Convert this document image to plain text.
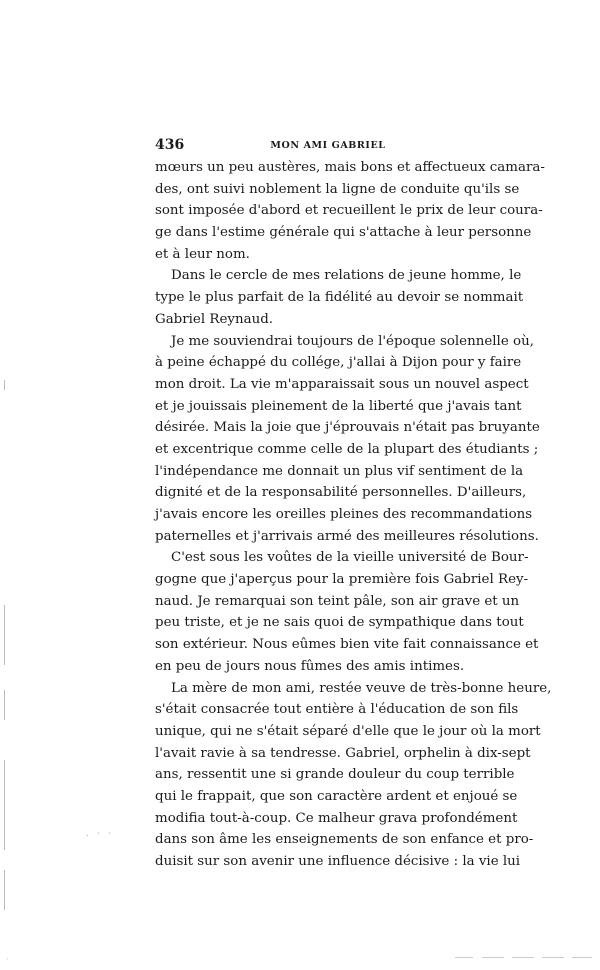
436	MON AMI GABRIEL
mœurs un peu austères, mais bons et affectueux camara-
des, ont suivi noblement la ligne de conduite qu'ils se
sont imposée d'abord et recueillent le prix de leur coura-
ge dans l'estime générale qui s'attache à leur personne
et à leur nom.
Dans le cercle de mes relations de jeune homme, le
type le plus parfait de la fidélité au devoir se nommait
Gabriel Reynaud.
Je me souviendrai toujours de l'époque solennelle où,
à peine échappé du collége, j'allai à Dijon pour y faire
mon droit. La vie m'apparaissait sous un nouvel aspect
et je jouissais pleinement de la liberté que j'avais tant
désirée. Mais la joie que j'éprouvais n'était pas bruyante
et excentrique comme celle de la plupart des étudiants ;
l'indépendance me donnait un plus vif sentiment de la
dignité et de la responsabilité personnelles. D'ailleurs,
j'avais encore les oreilles pleines des recommandations
paternelles et j'arrivais armé des meilleures résolutions.
C'est sous les voûtes de la vieille université de Bour-
gogne que j'aperçus pour la première fois Gabriel Rey-
naud. Je remarquai son teint pâle, son air grave et un
peu triste, et je ne sais quoi de sympathique dans tout
son extérieur. Nous eûmes bien vite fait connaissance et
en peu de jours nous fûmes des amis intimes.
La mère de mon ami, restée veuve de très-bonne heure,
s'était consacrée tout entière à l'éducation de son fils
unique, qui ne s'était séparé d'elle que le jour où la mort
l'avait ravie à sa tendresse. Gabriel, orphelin à dix-sept
ans, ressentit une si grande douleur du coup terrible
qui le frappait, que son caractère ardent et enjoué se
modifia tout-à-coup. Ce malheur grava profondément
dans son âme les enseignements de son enfance et pro-
duisit sur son avenir une influence décisive : la vie lui
. · ·
·
